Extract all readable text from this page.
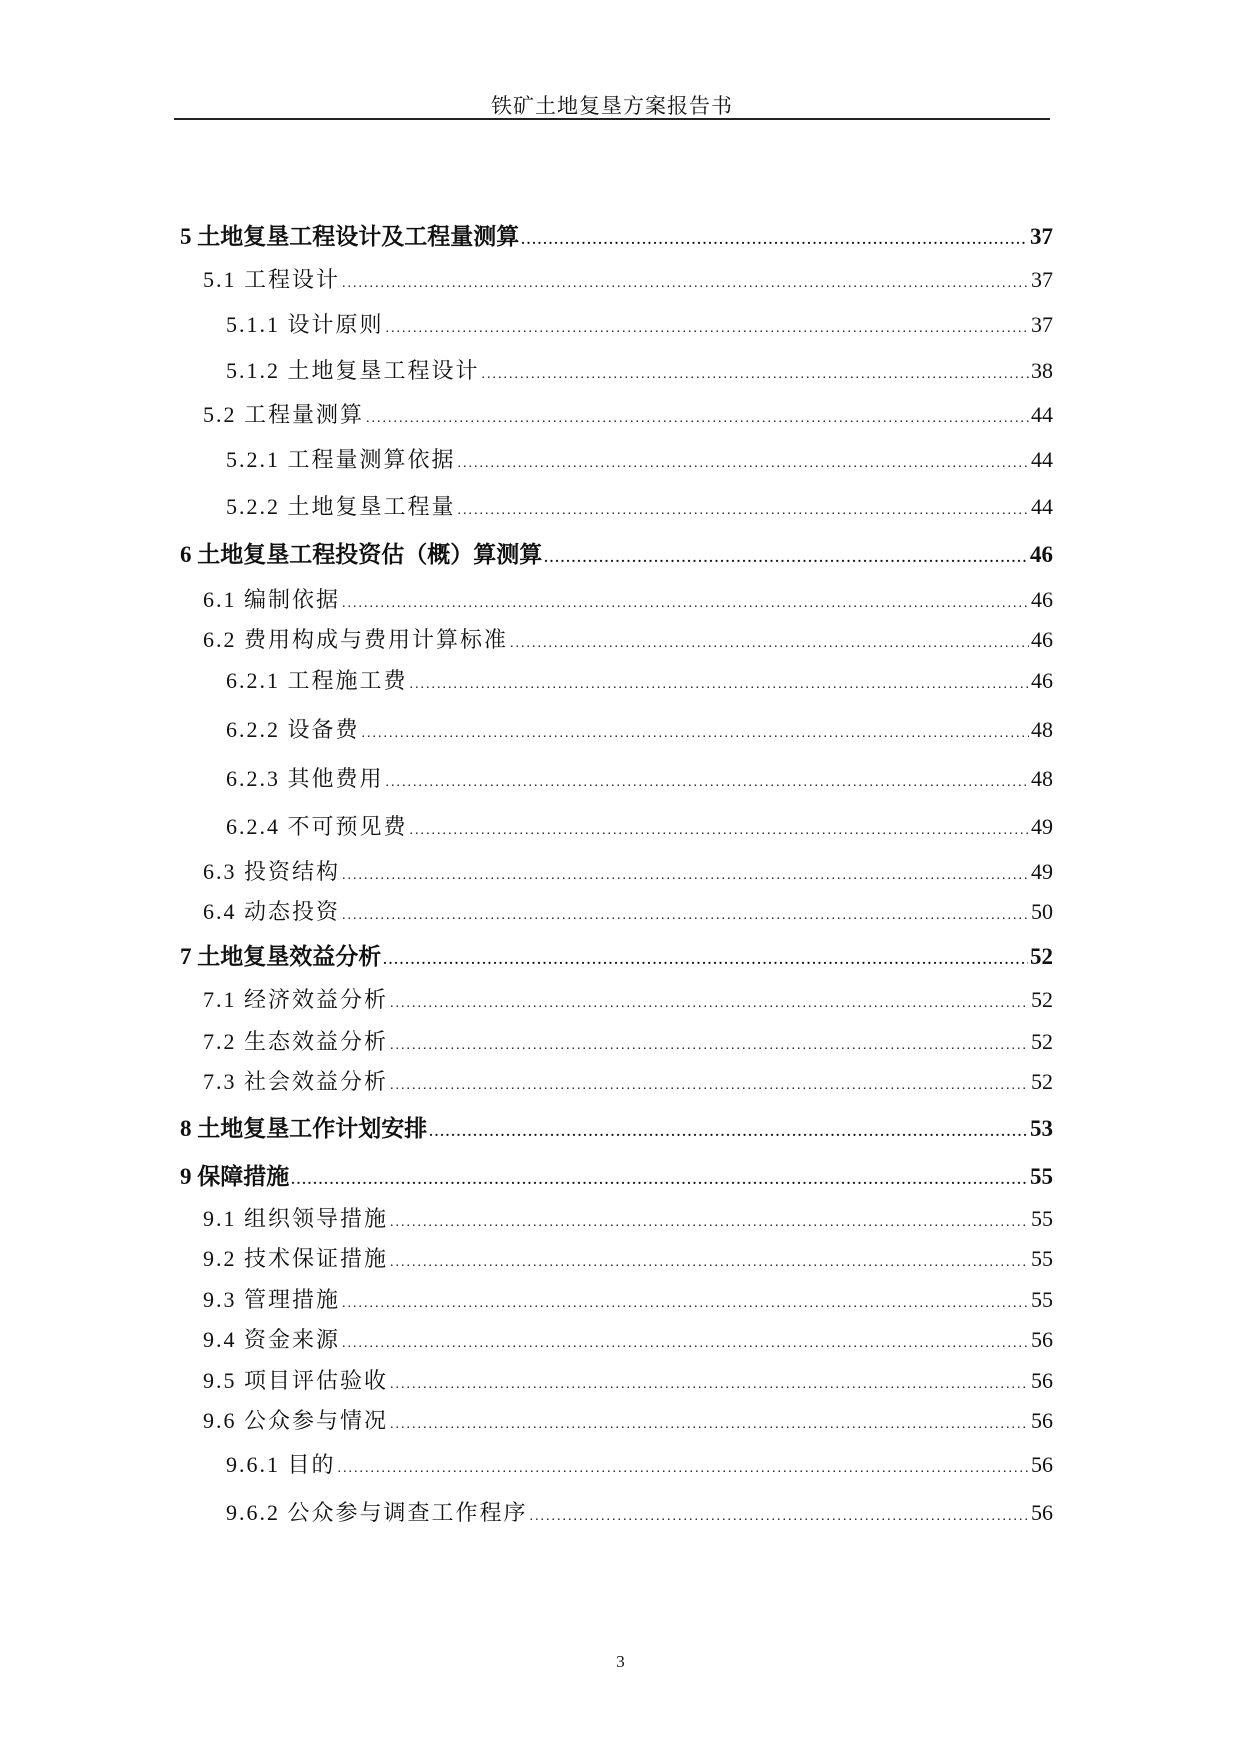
铁矿土地复垦方案报告书
5 土地复垦工程设计及工程量测算 .....	37
5.1 工程设计 .....	37
5.1.1 设计原则 .....	37
5.1.2 土地复垦工程设计 .....	38
5.2 工程量测算 .....	44
5.2.1 工程量测算依据 .....	44
5.2.2 土地复垦工程量 .....	44
6 土地复垦工程投资估（概）算测算 .....	46
6.1 编制依据 .....	46
6.2 费用构成与费用计算标准 .....	46
6.2.1 工程施工费 .....	46
6.2.2 设备费 .....	48
6.2.3 其他费用 .....	48
6.2.4 不可预见费 .....	49
6.3 投资结构 .....	49
6.4 动态投资 .....	50
7 土地复垦效益分析 .....	52
7.1 经济效益分析 .....	52
7.2 生态效益分析 .....	52
7.3 社会效益分析 .....	52
8 土地复垦工作计划安排 .....	53
9 保障措施 .....	55
9.1 组织领导措施 .....	55
9.2 技术保证措施 .....	55
9.3 管理措施 .....	55
9.4 资金来源 .....	56
9.5 项目评估验收 .....	56
9.6 公众参与情况 .....	56
9.6.1 目的 .....	56
9.6.2 公众参与调查工作程序 .....	56
3
